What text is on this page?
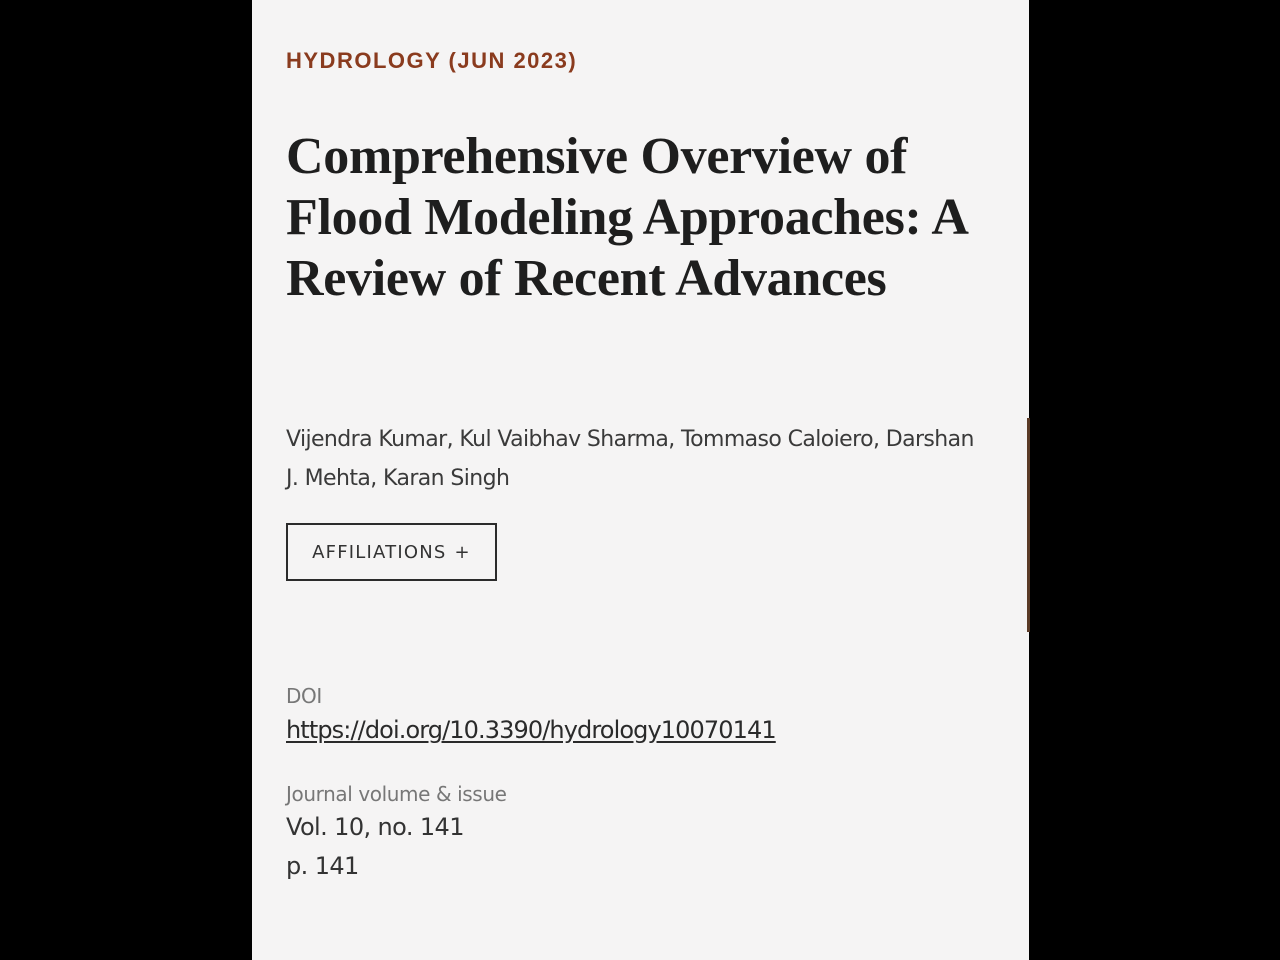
HYDROLOGY (JUN 2023)
Comprehensive Overview of Flood Modeling Approaches: A Review of Recent Advances
Vijendra Kumar, Kul Vaibhav Sharma, Tommaso Caloiero, Darshan J. Mehta, Karan Singh
AFFILIATIONS +
DOI
https://doi.org/10.3390/hydrology10070141
Journal volume & issue
Vol. 10, no. 141
p. 141
